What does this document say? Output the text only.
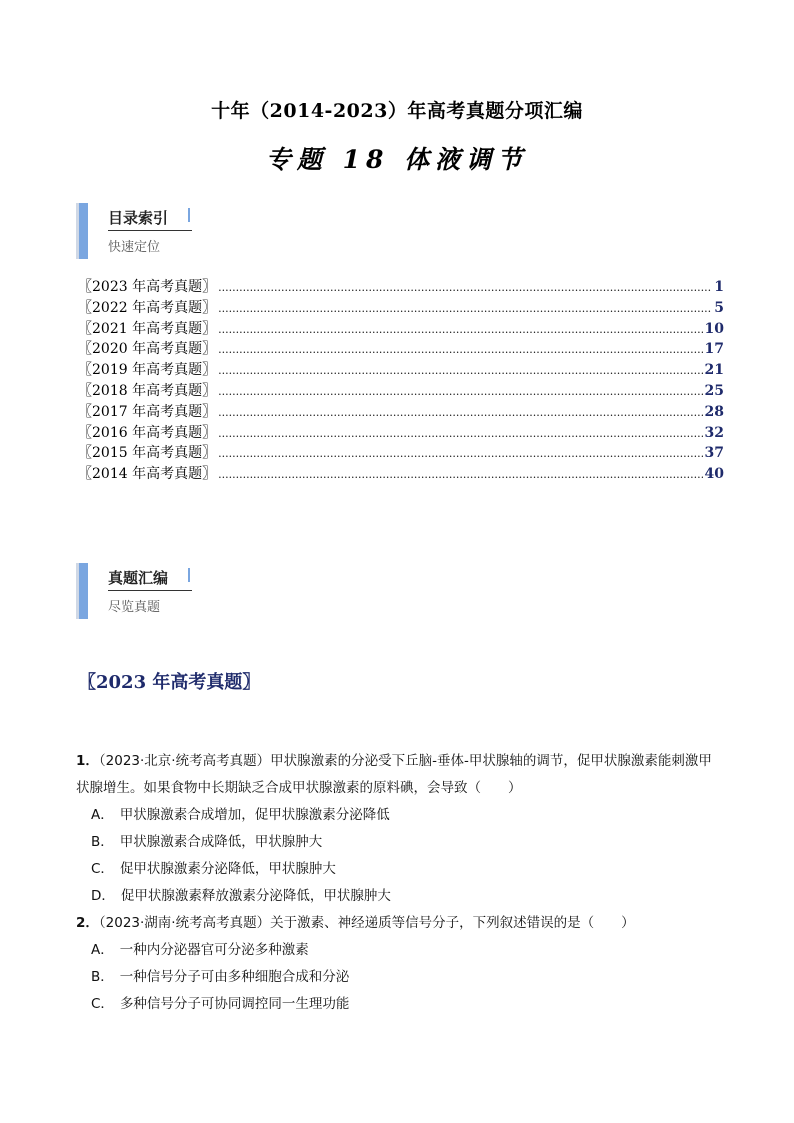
十年（2014-2023）年高考真题分项汇编
专题 18 体液调节
目录索引
快速定位
〖2023 年高考真题〗 .....	1
〖2022 年高考真题〗 .....	5
〖2021 年高考真题〗 .....	10
〖2020 年高考真题〗 .....	17
〖2019 年高考真题〗 .....	21
〖2018 年高考真题〗 .....	25
〖2017 年高考真题〗 .....	28
〖2016 年高考真题〗 .....	32
〖2015 年高考真题〗 .....	37
〖2014 年高考真题〗 .....	40
真题汇编
尽览真题
〖2023 年高考真题〗
1．（2023·北京·统考高考真题）甲状腺激素的分泌受下丘脑-垂体-甲状腺轴的调节，促甲状腺激素能刺激甲
状腺增生。如果食物中长期缺乏合成甲状腺激素的原料碘，会导致（　　）
A． 甲状腺激素合成增加，促甲状腺激素分泌降低
B． 甲状腺激素合成降低，甲状腺肿大
C． 促甲状腺激素分泌降低，甲状腺肿大
D． 促甲状腺激素释放激素分泌降低，甲状腺肿大
2．（2023·湖南·统考高考真题）关于激素、神经递质等信号分子，下列叙述错误的是（　　）
A． 一种内分泌器官可分泌多种激素
B． 一种信号分子可由多种细胞合成和分泌
C． 多种信号分子可协同调控同一生理功能
